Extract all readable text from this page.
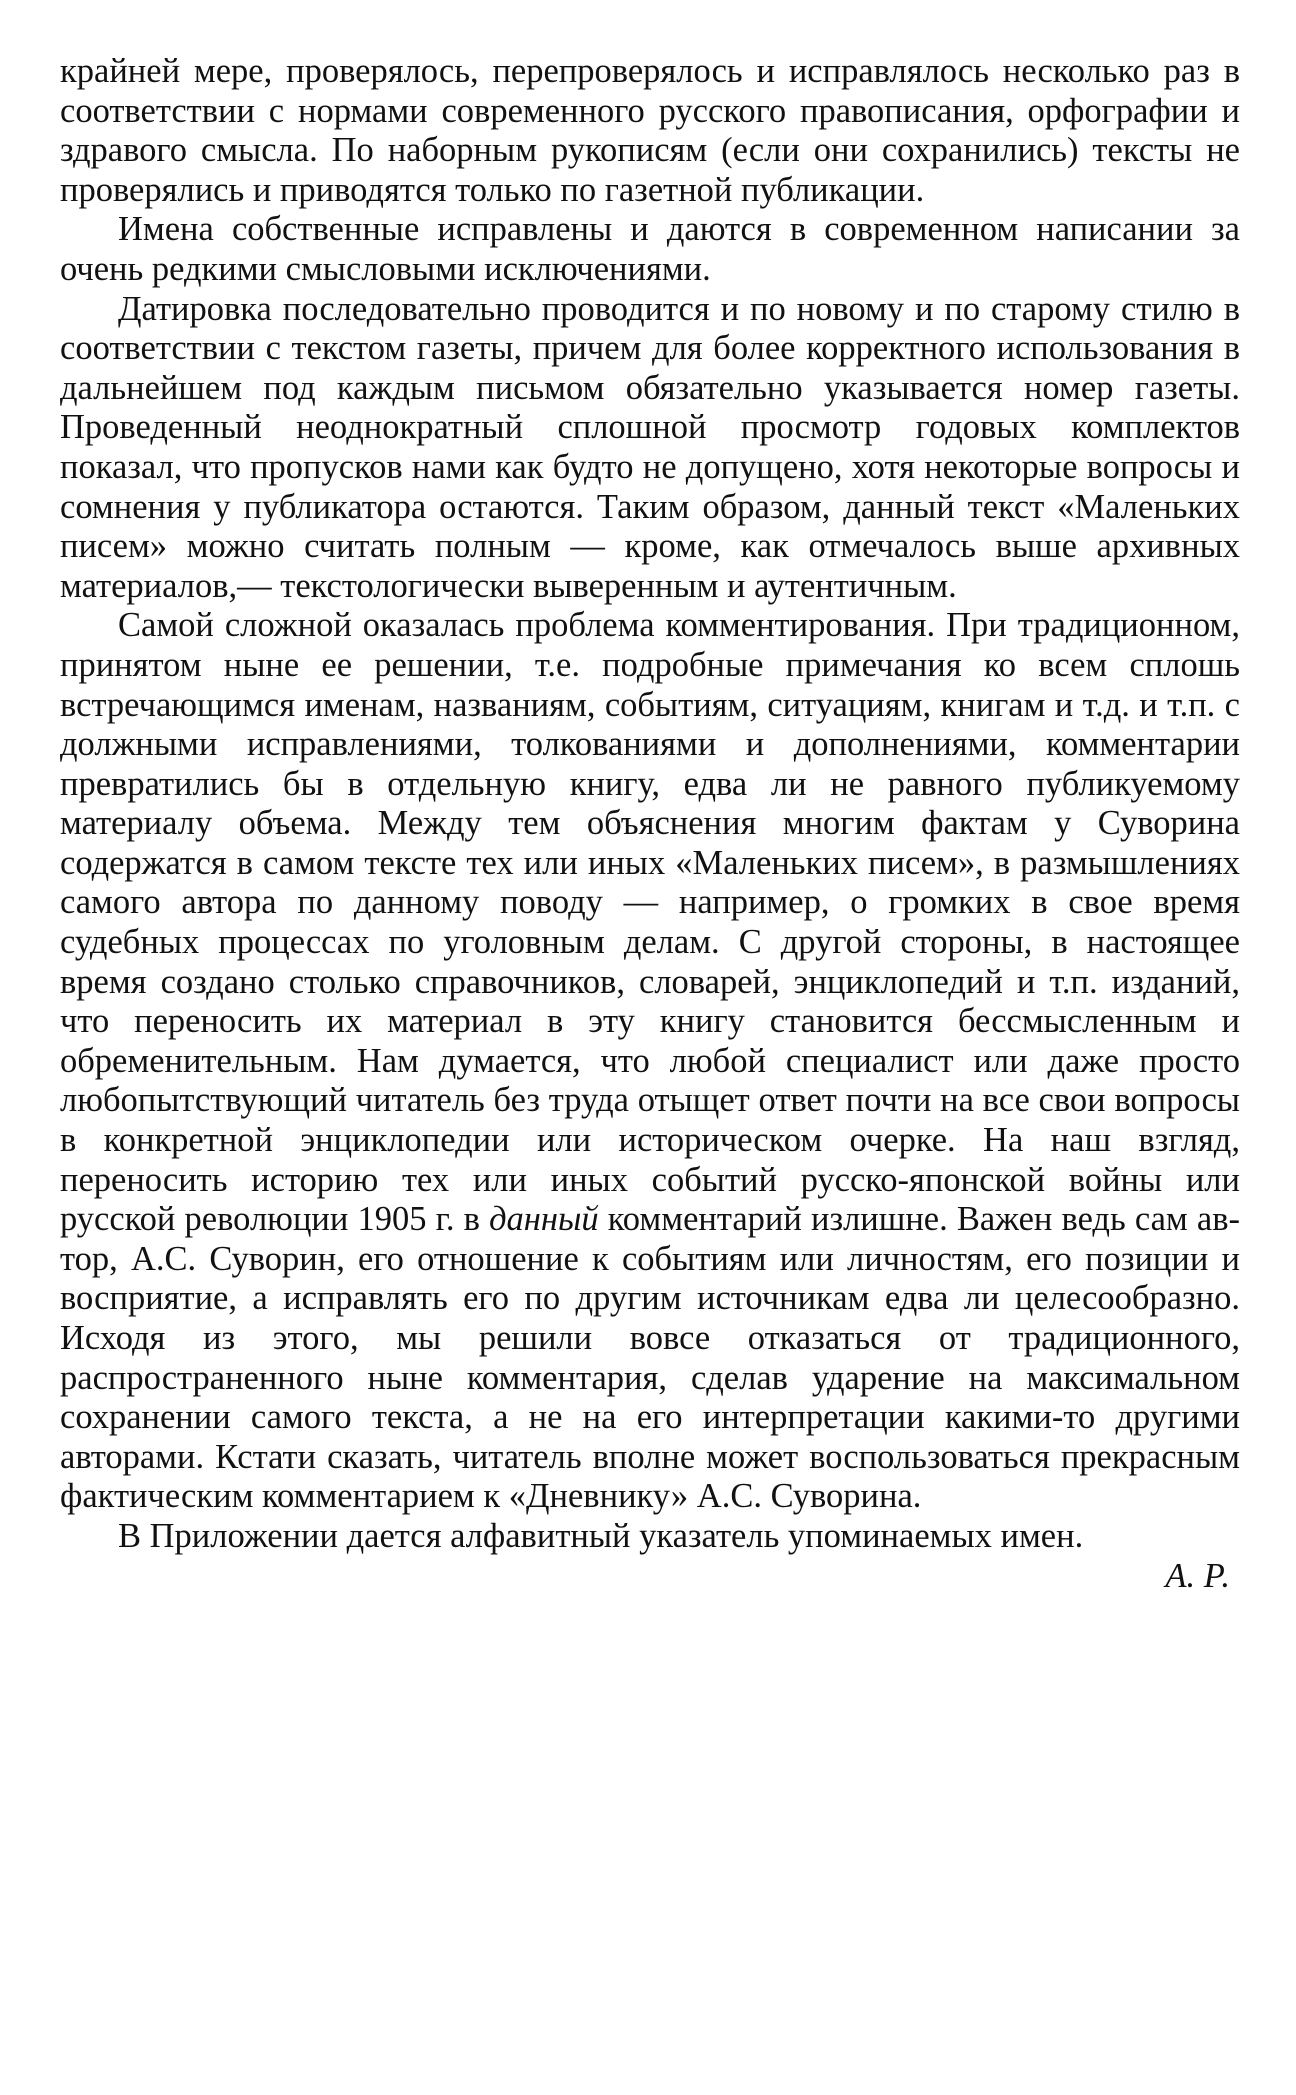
крайней мере, проверялось, перепроверялось и исправлялось несколько раз в соответствии с нормами современного русского правописания, орфографии и здравого смысла. По наборным рукописям (если они сохранились) тексты не проверялись и приводятся только по газетной публикации.

Имена собственные исправлены и даются в современном написании за очень редкими смысловыми исключениями.

Датировка последовательно проводится и по новому и по старому стилю в соответствии с текстом газеты, причем для более корректного использования в дальнейшем под каждым письмом обязательно указывается номер газеты. Проведенный неоднократный сплошной просмотр годовых комплектов показал, что пропусков нами как будто не допущено, хотя некоторые вопросы и сомнения у публикатора остаются. Таким образом, данный текст «Маленьких писем» можно считать полным — кроме, как отмечалось выше архивных материалов,— текстологически выверенным и аутентичным.

Самой сложной оказалась проблема комментирования. При традиционном, принятом ныне ее решении, т.е. подробные примечания ко всем сплошь встречающимся именам, названиям, событиям, ситуациям, книгам и т.д. и т.п. с должными исправлениями, толкованиями и дополнениями, комментарии превратились бы в отдельную книгу, едва ли не равного публикуемому материалу объема. Между тем объяснения многим фактам у Суворина содержатся в самом тексте тех или иных «Маленьких писем», в размышлениях самого автора по данному поводу — например, о громких в свое время судебных процессах по уголовным делам. С другой стороны, в настоящее время создано столько справочников, словарей, энциклопедий и т.п. изданий, что переносить их материал в эту книгу становится бессмысленным и обременительным. Нам думается, что любой специалист или даже просто любопытствующий читатель без труда отыщет ответ почти на все свои вопросы в конкретной энциклопедии или историческом очерке. На наш взгляд, переносить историю тех или иных событий русско-японской войны или русской революции 1905 г. в данный комментарий излишне. Важен ведь сам автор, А.С. Суворин, его отношение к событиям или личностям, его позиции и восприятие, а исправлять его по другим источникам едва ли целесообразно. Исходя из этого, мы решили вовсе отказаться от традиционного, распространенного ныне комментария, сделав ударение на максимальном сохранении самого текста, а не на его интерпретации какими-то другими авторами. Кстати сказать, читатель вполне может воспользоваться прекрасным фактическим комментарием к «Дневнику» А.С. Суворина.

В Приложении дается алфавитный указатель упоминаемых имен.

А. Р.
